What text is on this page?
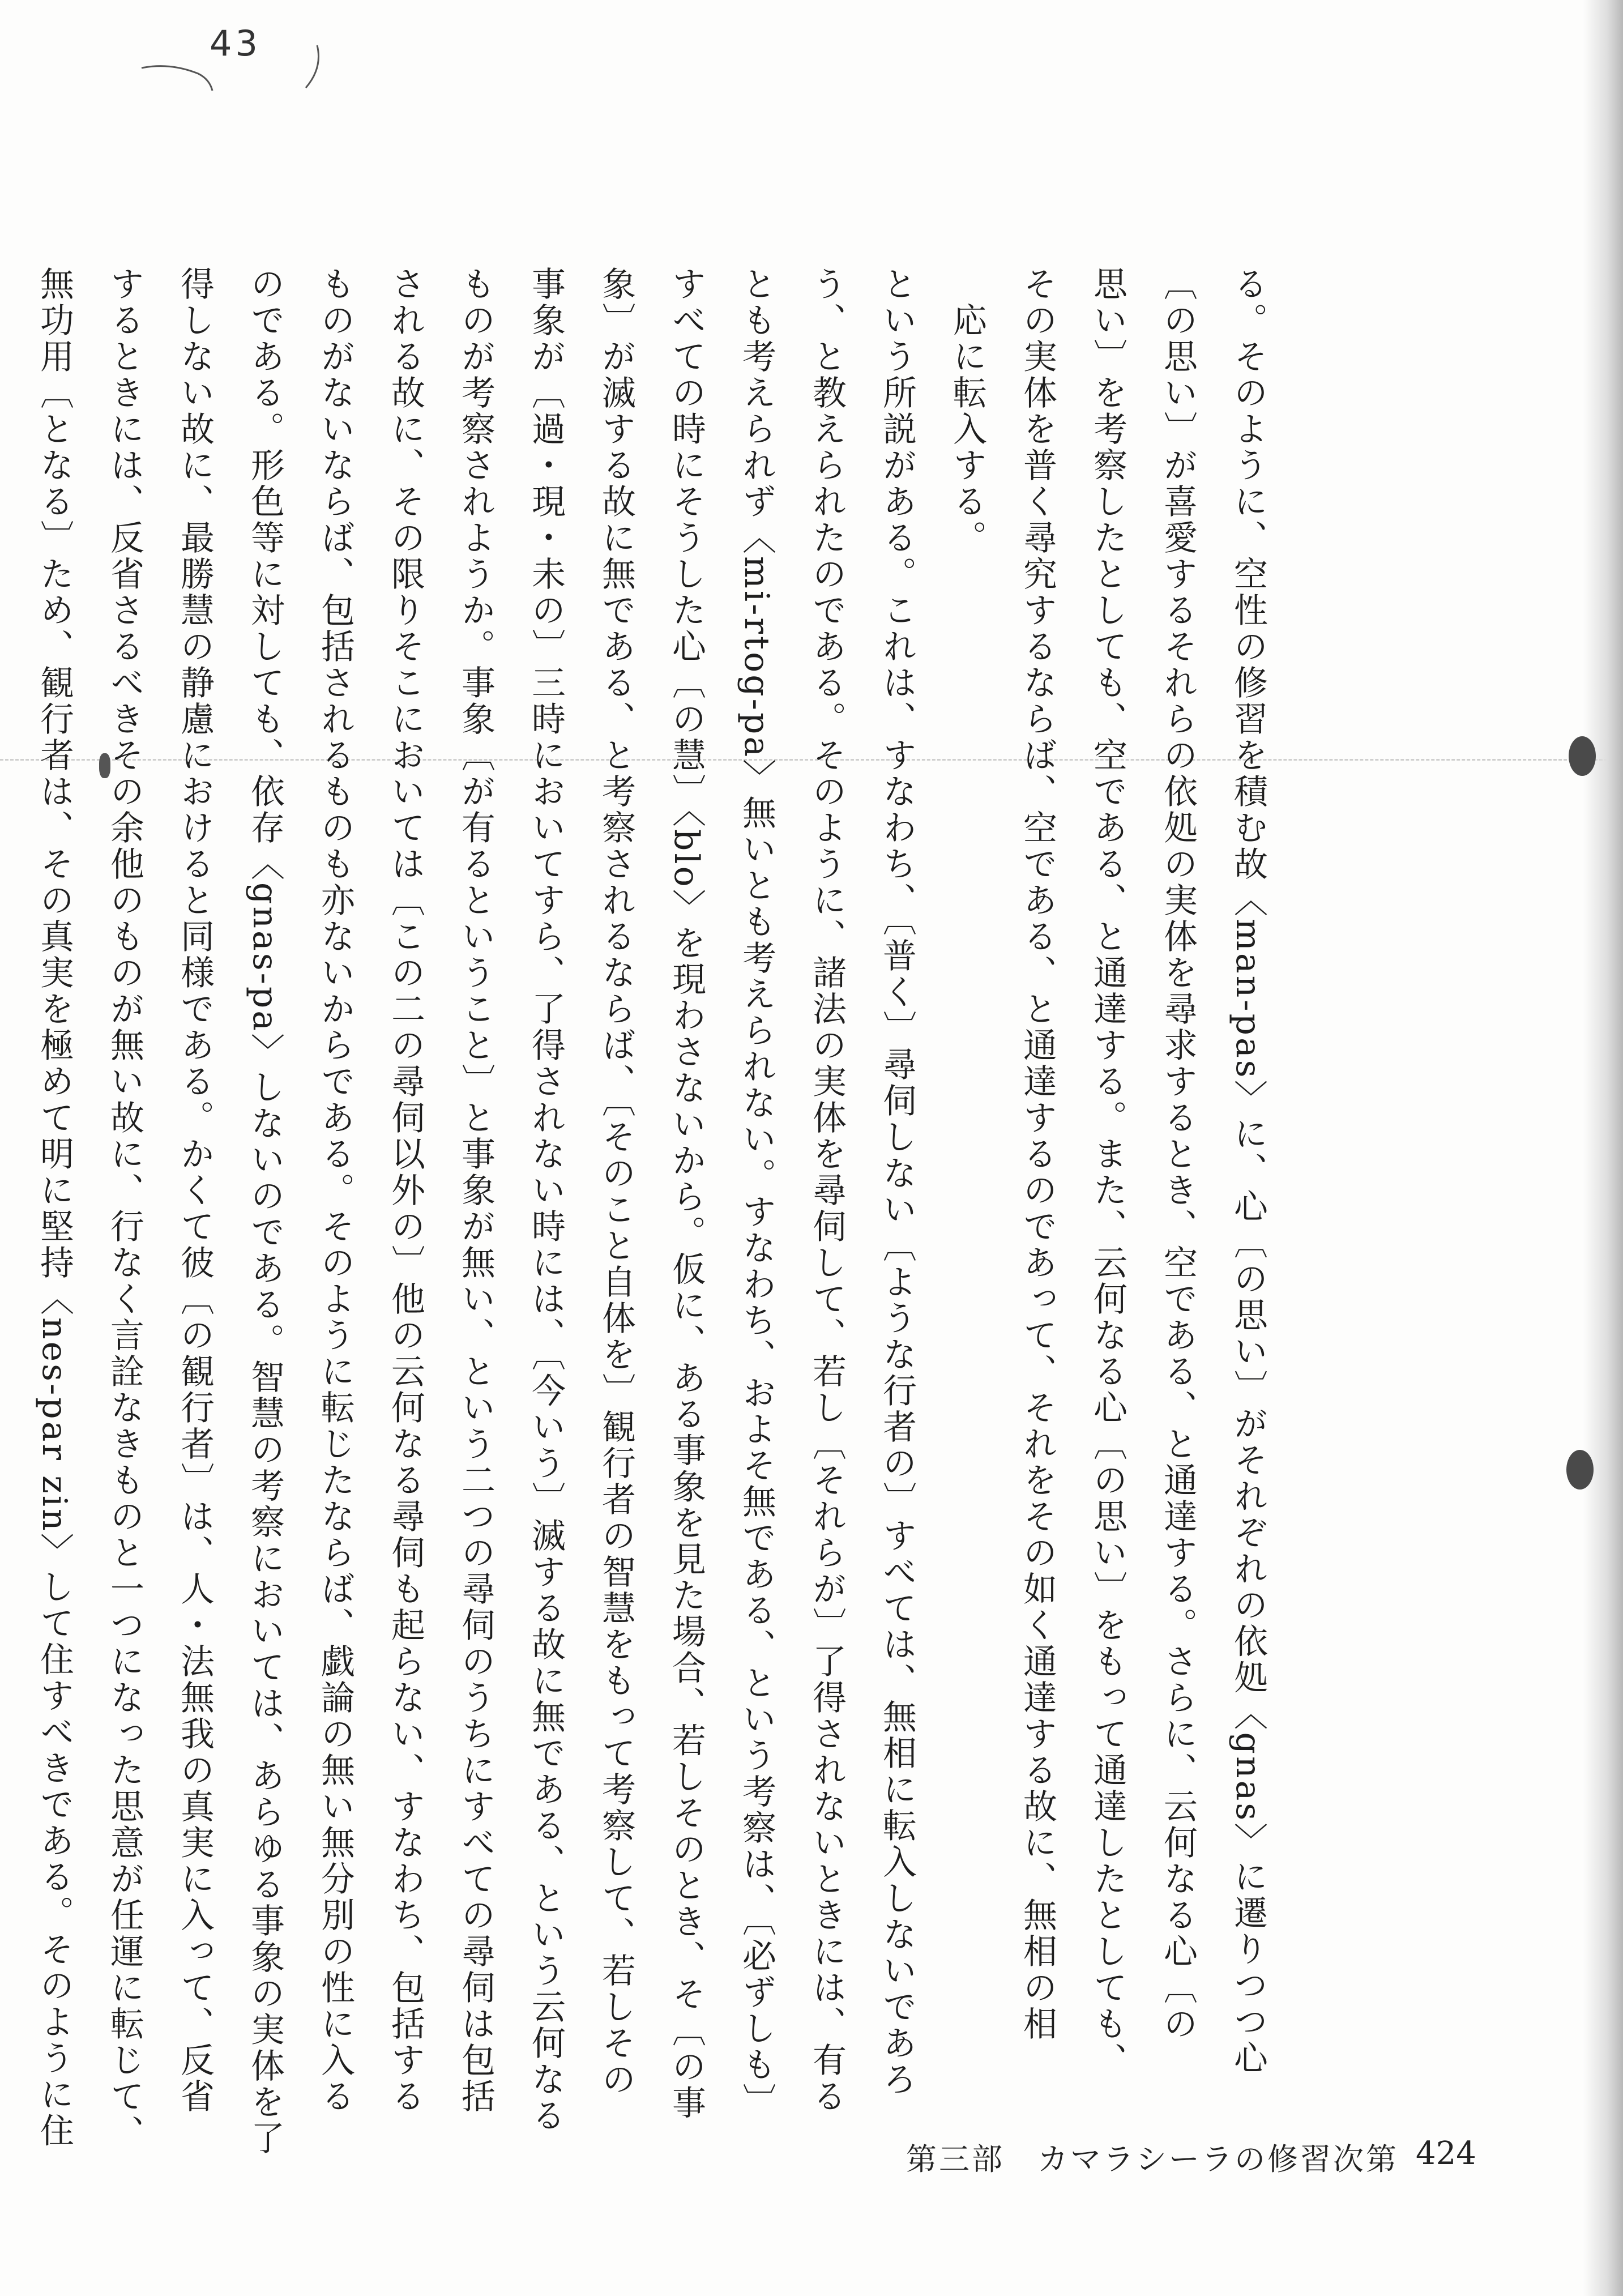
43
る。そのように、空性の修習を積む故〈man-pas〉に、心〔の思い〕がそれぞれの依処〈gnas〉に遷りつつ心
〔の思い〕が喜愛するそれらの依処の実体を尋求するとき、空である、と通達する。さらに、云何なる心〔の
思い〕を考察したとしても、空である、と通達する。また、云何なる心〔の思い〕をもって通達したとしても、
その実体を普く尋究するならば、空である、と通達するのであって、それをその如く通達する故に、無相の相
応に転入する。
という所説がある。これは、すなわち、〔普く〕尋伺しない〔ような行者の〕すべては、無相に転入しないであろ
う、と教えられたのである。そのように、諸法の実体を尋伺して、若し〔それらが〕了得されないときには、有る
とも考えられず〈mi-rtog-pa〉無いとも考えられない。すなわち、およそ無である、という考察は、〔必ずしも〕
すべての時にそうした心〔の慧〕〈blo〉を現わさないから。仮に、ある事象を見た場合、若しそのとき、そ〔の事
象〕が滅する故に無である、と考察されるならば、〔そのこと自体を〕観行者の智慧をもって考察して、若しその
事象が〔過・現・未の〕三時においてすら、了得されない時には、〔今いう〕滅する故に無である、という云何なる
ものが考察されようか。事象〔が有るということ〕と事象が無い、という二つの尋伺のうちにすべての尋伺は包括
される故に、その限りそこにおいては〔この二の尋伺以外の〕他の云何なる尋伺も起らない、すなわち、包括する
ものがないならば、包括されるものも亦ないからである。そのように転じたならば、戯論の無い無分別の性に入る
のである。形色等に対しても、依存〈gnas-pa〉しないのである。智慧の考察においては、あらゆる事象の実体を了
得しない故に、最勝慧の静慮におけると同様である。かくて彼〔の観行者〕は、人・法無我の真実に入って、反省
するときには、反省さるべきその余他のものが無い故に、行なく言詮なきものと一つになった思意が任運に転じて、
無功用〔となる〕ため、観行者は、その真実を極めて明に堅持〈nes-par zin〉して住すべきである。そのように住
第三部　カマラシーラの修習次第 424
